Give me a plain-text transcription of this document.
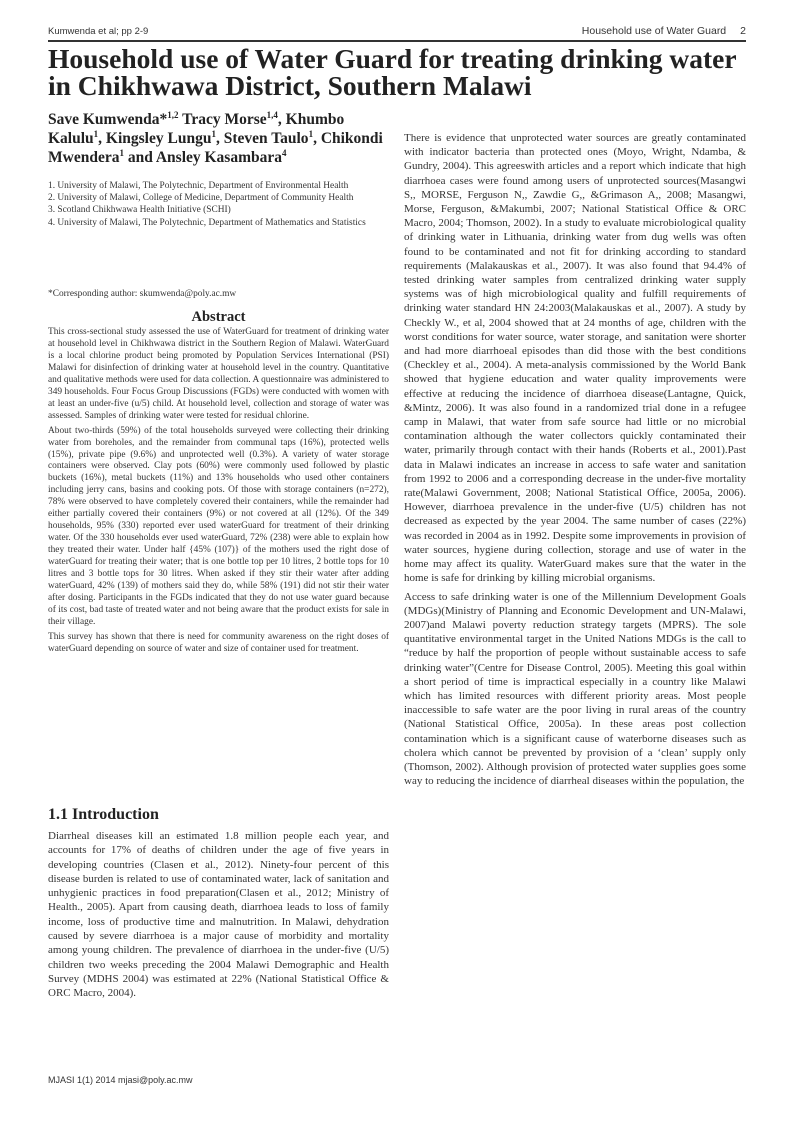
Kumwenda et al; pp 2-9	Household use of Water Guard 2
Household use of Water Guard for treating drinking water in Chikhwawa District, Southern Malawi
Save Kumwenda*$^{1,2}$ Tracy Morse$^{1,4}$, Khumbo Kalulu$^1$, Kingsley Lungu$^1$, Steven Taulo$^1$, Chikondi Mwendera$^1$ and Ansley Kasambara$^4$

1. University of Malawi, The Polytechnic, Department of Environmental Health

2. University of Malawi, College of Medicine, Department of Community Health

3. Scotland Chikhwawa Health Initiative (SCHI)

4. University of Malawi, The Polytechnic, Department of Mathematics and Statistics

*Corresponding author: skumwenda@poly.ac.mw
Abstract

This cross-sectional study assessed the use of WaterGuard for treatment of drinking water at household level in Chikhwawa district in the Southern Region of Malawi. WaterGuard is a local chlorine product being promoted by Population Services International (PSI) Malawi for disinfection of drinking water at household level in the country. Quantitative and qualitative methods were used for data collection. A questionnaire was administered to 349 households. Four Focus Group Discussions (FGDs) were conducted with women with at least an under-five (u/5) child. At household level, collection and storage of water was assessed. Samples of drinking water were tested for residual chlorine.

About two-thirds (59%) of the total households surveyed were collecting their drinking water from boreholes, and the remainder from communal taps (16%), protected wells (15%), private pipe (9.6%) and unprotected well (0.3%). A variety of water storage containers were observed. Clay pots (60%) were commonly used followed by plastic buckets (16%), metal buckets (11%) and 13% households who used other containers including jerry cans, basins and cooking pots. Of those with storage containers (n=272), 78% were observed to have completely covered their containers, while the remainder had either partially covered their containers (9%) or not covered at all (12%). Of the 349 households, 95% (330) reported ever used waterGuard for treatment of their drinking water. Of the 330 households ever used waterGuard, 72% (238) were able to explain how they treated their water. Under half {45% (107)} of the mothers used the right dose of waterGuard for treating their water; that is one bottle top per 10 litres, 2 bottle tops for 10 litres and 3 bottle tops for 30 litres. When asked if they stir their water after adding waterGuard, 42% (139) of mothers said they do, while 58% (191) did not stir their water after dosing. Participants in the FGDs indicated that they do not use water guard because of its cost, bad taste of treated water and not being aware that the product exists for sale in their village.

This survey has shown that there is need for community awareness on the right doses of waterGuard depending on source of water and size of container used for treatment.

1.1 Introduction

Diarrheal diseases kill an estimated 1.8 million people each year, and accounts for 17% of deaths of children under the age of five years in developing countries (Clasen et al., 2012). Ninety-four percent of this disease burden is related to use of contaminated water, lack of sanitation and unhygienic practices in food preparation(Clasen et al., 2012; Ministry of Health., 2005). Apart from causing death, diarrhoea leads to loss of family income, loss of productive time and malnutrition. In Malawi, dehydration caused by severe diarrhoea is a major cause of morbidity and mortality among young children. The prevalence of diarrhoea in the under-five (U/5) children two weeks preceding the 2004 Malawi Demographic and Health Survey (MDHS 2004) was estimated at 22% (National Statistical Office & ORC Macro, 2004).

There is evidence that unprotected water sources are greatly contaminated with indicator bacteria than protected ones (Moyo, Wright, Ndamba, & Gundry, 2004). This agreeswith articles and a report which indicate that high diarrhoea cases were found among users of unprotected sources(Masangwi S,, MORSE, Ferguson N,, Zawdie G,, &Grimason A,, 2008; Masangwi, Morse, Ferguson, &Makumbi, 2007; National Statistical Office & ORC Macro, 2004; Thomson, 2002). In a study to evaluate microbiological quality of drinking water in Lithuania, drinking water from dug wells was often found to be contaminated and not fit for drinking according to standard requirements (Malakauskas et al., 2007). It was also found that 94.4% of tested drinking water samples from centralized drinking water supply systems was of high microbiological quality and fulfill requirements of drinking water standard HN 24:2003(Malakauskas et al., 2007). A study by Checkly W., et al, 2004 showed that at 24 months of age, children with the worst conditions for water source, water storage, and sanitation were shorter and had more diarrhoeal episodes than did those with the best conditions (Checkley et al., 2004). A meta-analysis commissioned by the World Bank showed that hygiene education and water quality improvements were effective at reducing the incidence of diarrhoea disease(Lantagne, Quick, &Mintz, 2006). It was also found in a randomized trial done in a refugee camp in Malawi, that water from safe source had little or no microbial contamination although the water collectors quickly contaminated their water, primarily through contact with their hands (Roberts et al., 2001).Past data in Malawi indicates an increase in access to safe water and sanitation from 1992 to 2006 and a corresponding decrease in the under-five mortality rate(Malawi Government, 2008; National Statistical Office, 2005a, 2006). However, diarrhoea prevalence in the under-five (U/5) children has not decreased as expected by the year 2004. The same number of cases (22%) was recorded in 2004 as in 1992. Despite some improvements in provision of water sources, hygiene during collection, storage and use of water in the home may affect its quality. WaterGuard makes sure that the water in the home is safe for drinking by killing microbial organisms.

Access to safe drinking water is one of the Millennium Development Goals (MDGs)(Ministry of Planning and Economic Development and UN-Malawi, 2007)and Malawi poverty reduction strategy targets (MPRS). The sole quantitative environmental target in the United Nations MDGs is the call to “reduce by half the proportion of people without sustainable access to safe drinking water”(Centre for Disease Control, 2005). Meeting this goal within a short period of time is impractical especially in a country like Malawi which has limited resources with different priority areas. Most people inaccessible to safe water are the poor living in rural areas of the country (National Statistical Office, 2005a). In these areas post collection contamination which is a significant cause of waterborne diseases such as cholera which cannot be prevented by provision of a ‘clean’ supply only (Thomson, 2002). Although provision of protected water supplies goes some way to reducing the incidence of diarrheal diseases within the population, the

MJASI 1(1) 2014 mjasi@poly.ac.mw
